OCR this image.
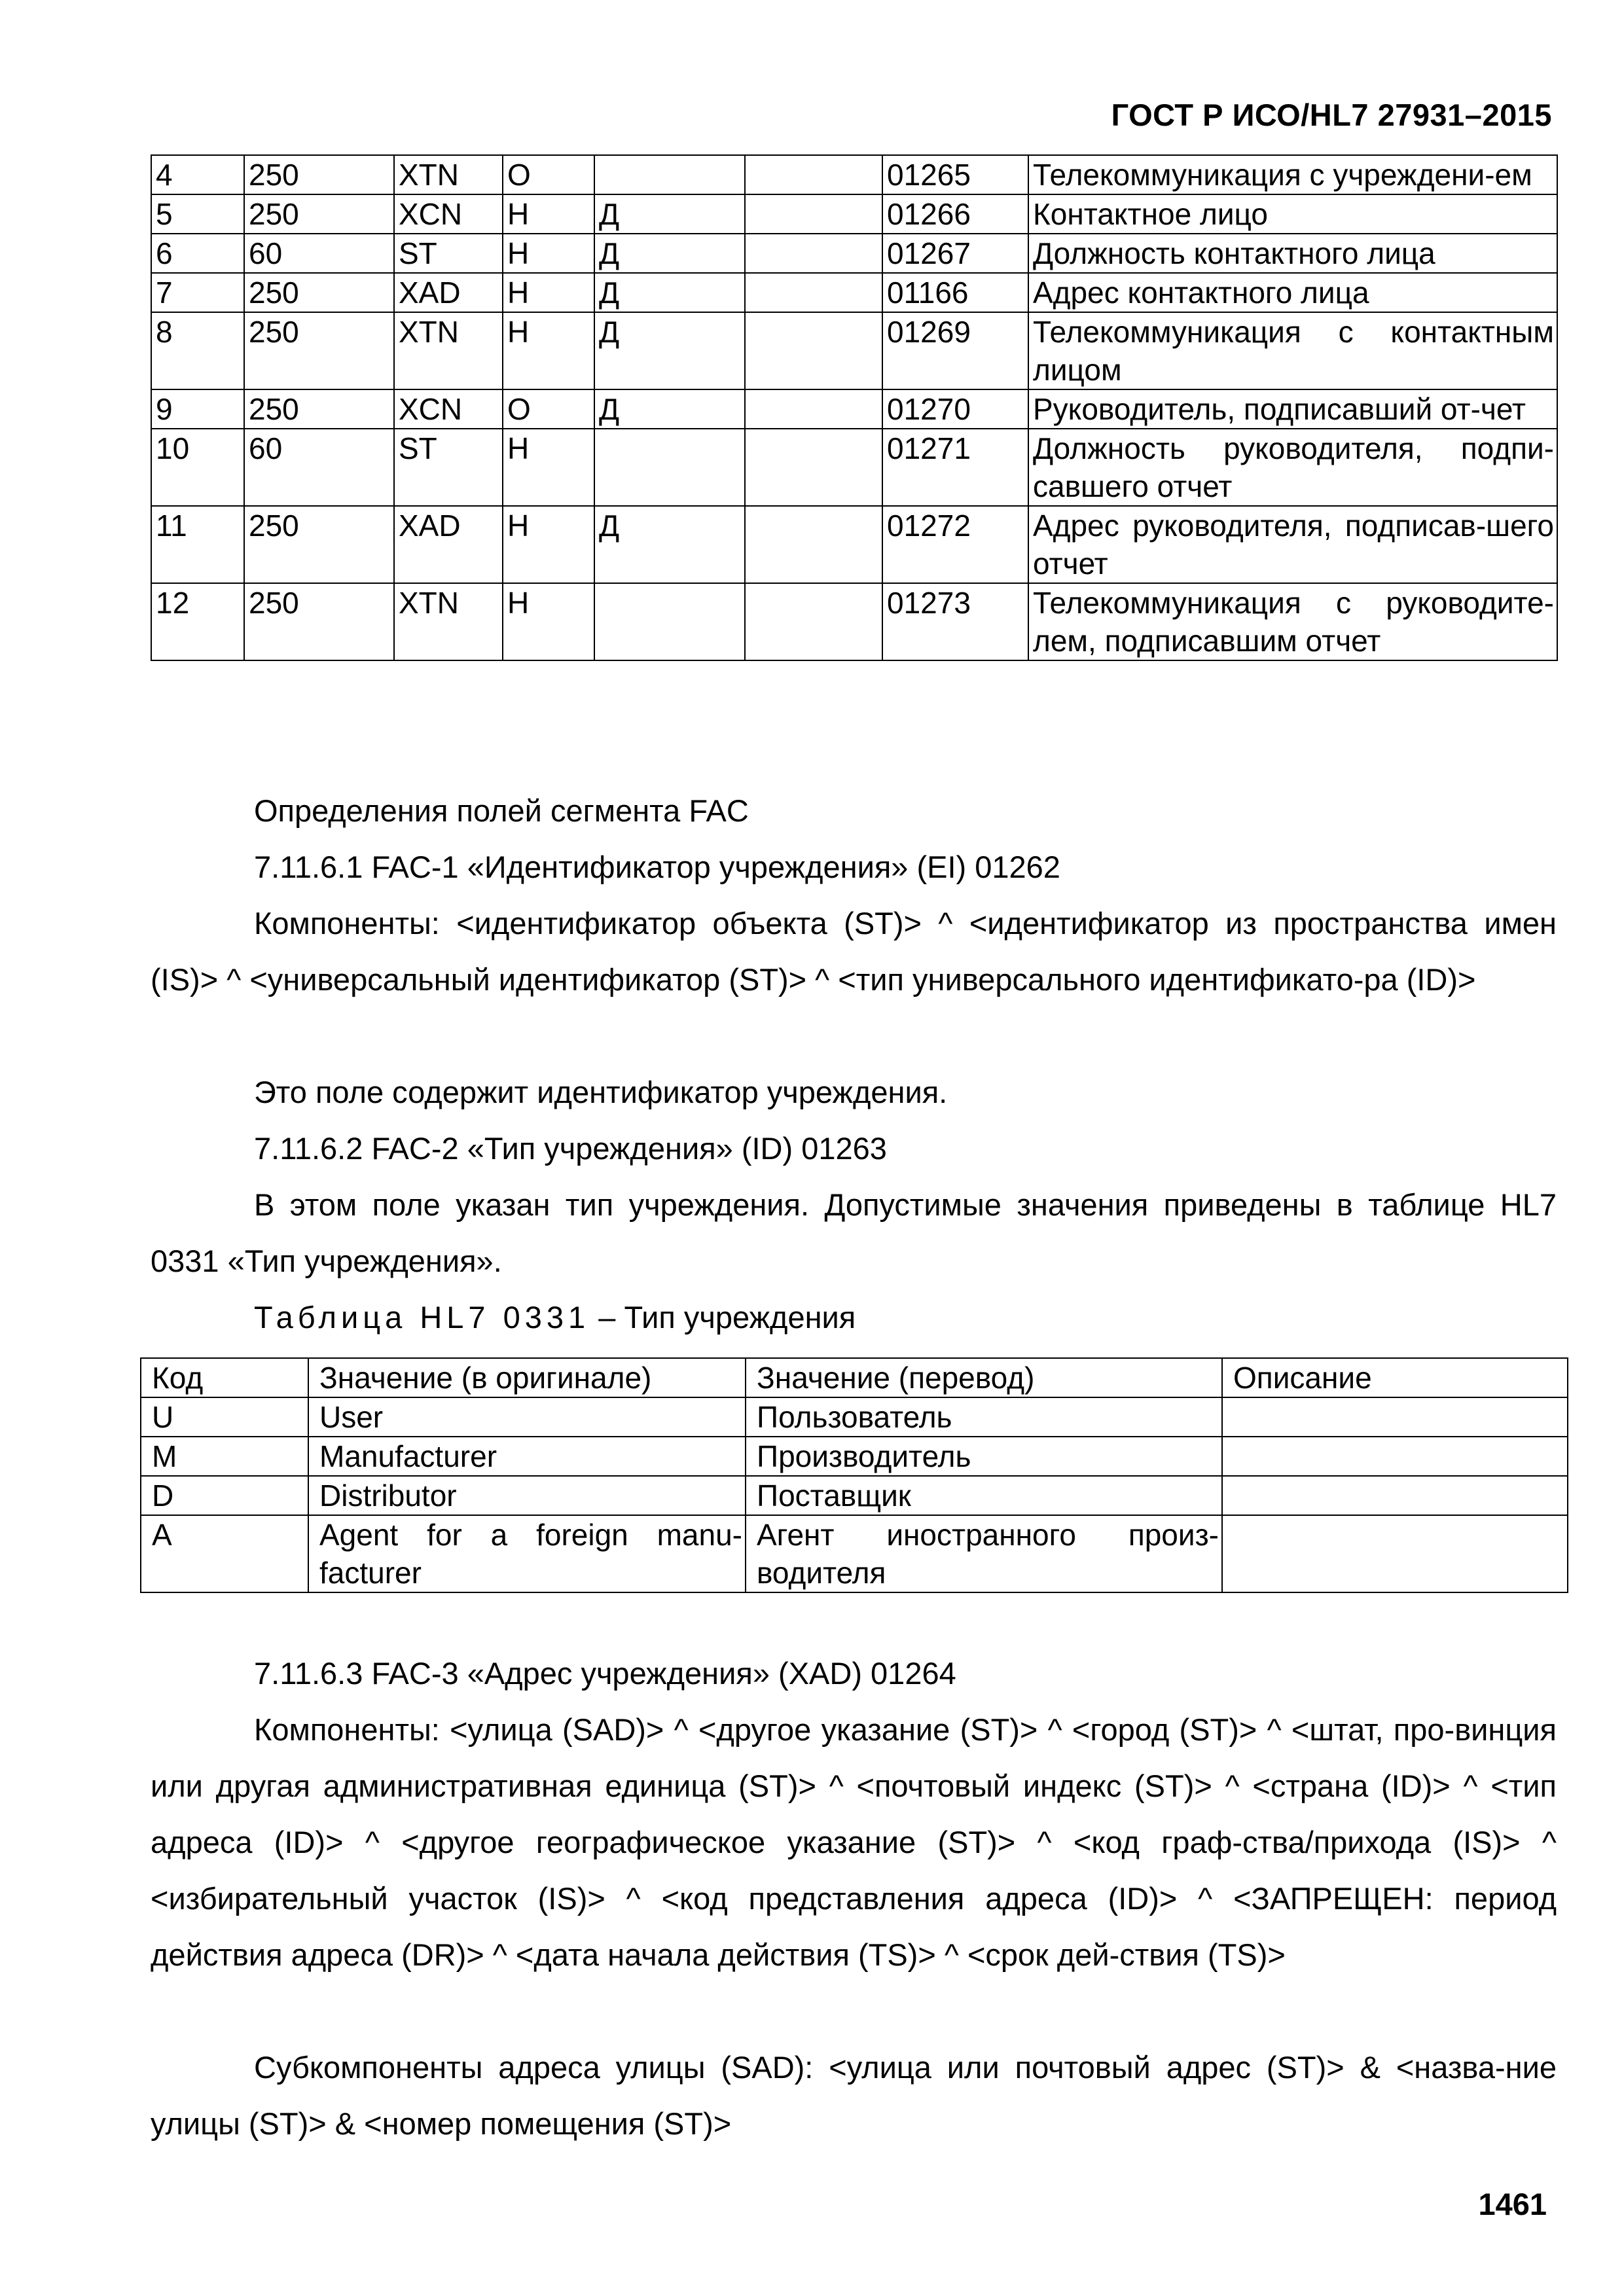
ГОСТ Р ИСО/HL7 27931–2015
4	250	XTN	О			01265	Телекоммуникация с учреждени-ем
5	250	XCN	Н	Д		01266	Контактное лицо
6	60	ST	Н	Д		01267	Должность контактного лица
7	250	XAD	Н	Д		01166	Адрес контактного лица
8	250	XTN	Н	Д		01269	Телекоммуникация с контактным лицом
9	250	XCN	О	Д		01270	Руководитель, подписавший от-чет
10	60	ST	Н			01271	Должность руководителя, подпи-савшего отчет
11	250	XAD	Н	Д		01272	Адрес руководителя, подписав-шего отчет
12	250	XTN	Н			01273	Телекоммуникация с руководите-лем, подписавшим отчет

Определения полей сегмента FAC

7.11.6.1 FAC-1 «Идентификатор учреждения» (EI) 01262

Компоненты: <идентификатор объекта (ST)> ^ <идентификатор из пространства имен (IS)> ^ <универсальный идентификатор (ST)> ^ <тип универсального идентификато-ра (ID)>

Это поле содержит идентификатор учреждения.

7.11.6.2 FAC-2 «Тип учреждения» (ID) 01263

В этом поле указан тип учреждения. Допустимые значения приведены в таблице HL7 0331 «Тип учреждения».

Таблица HL7 0331 – Тип учреждения

Код	Значение (в оригинале)	Значение (перевод)	Описание
U	User	Пользователь	
M	Manufacturer	Производитель	
D	Distributor	Поставщик	
A	Agent for a foreign manu-facturer	Агент иностранного произ-водителя	

7.11.6.3 FAC-3 «Адрес учреждения» (XAD) 01264

Компоненты: <улица (SAD)> ^ <другое указание (ST)> ^ <город (ST)> ^ <штат, про-винция или другая административная единица (ST)> ^ <почтовый индекс (ST)> ^ <страна (ID)> ^ <тип адреса (ID)> ^ <другое географическое указание (ST)> ^ <код граф-ства/прихода (IS)> ^ <избирательный участок (IS)> ^ <код представления адреса (ID)> ^ <ЗАПРЕЩЕН: период действия адреса (DR)> ^ <дата начала действия (TS)> ^ <срок дей-ствия (TS)>

Субкомпоненты адреса улицы (SAD): <улица или почтовый адрес (ST)> & <назва-ние улицы (ST)> & <номер помещения (ST)>

1461
